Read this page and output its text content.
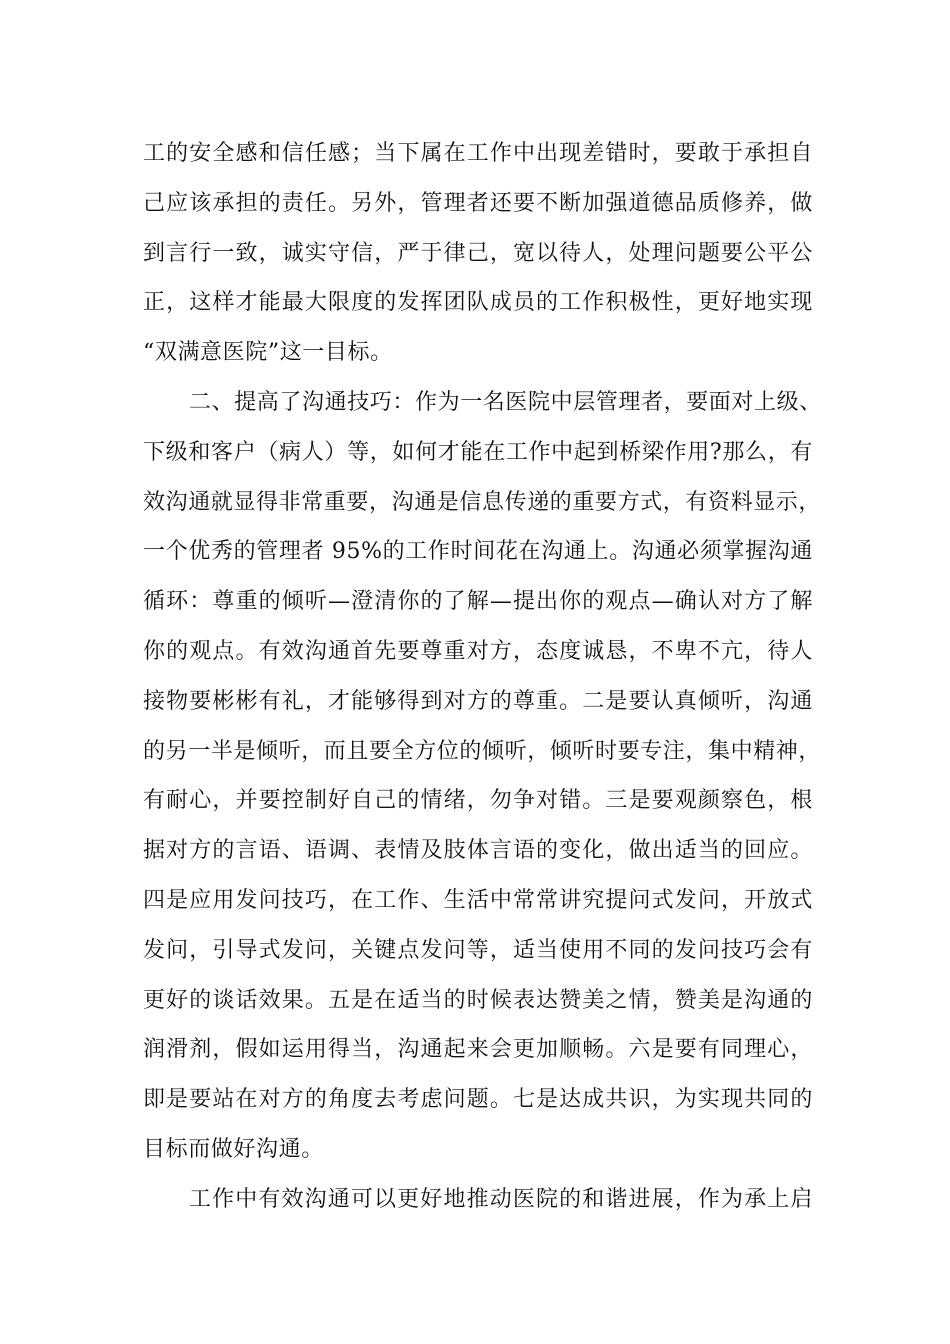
工的安全感和信任感；当下属在工作中出现差错时，要敢于承担自
己应该承担的责任。另外，管理者还要不断加强道德品质修养，做
到言行一致，诚实守信，严于律己，宽以待人，处理问题要公平公
正，这样才能最大限度的发挥团队成员的工作积极性，更好地实现
“双满意医院”这一目标。
二、提高了沟通技巧：作为一名医院中层管理者，要面对上级、
下级和客户（病人）等，如何才能在工作中起到桥梁作用?那么，有
效沟通就显得非常重要，沟通是信息传递的重要方式，有资料显示，
一个优秀的管理者 95%的工作时间花在沟通上。沟通必须掌握沟通
循环：尊重的倾听—澄清你的了解—提出你的观点—确认对方了解
你的观点。有效沟通首先要尊重对方，态度诚恳，不卑不亢，待人
接物要彬彬有礼，才能够得到对方的尊重。二是要认真倾听，沟通
的另一半是倾听，而且要全方位的倾听，倾听时要专注，集中精神，
有耐心，并要控制好自己的情绪，勿争对错。三是要观颜察色，根
据对方的言语、语调、表情及肢体言语的变化，做出适当的回应。
四是应用发问技巧，在工作、生活中常常讲究提问式发问，开放式
发问，引导式发问，关键点发问等，适当使用不同的发问技巧会有
更好的谈话效果。五是在适当的时候表达赞美之情，赞美是沟通的
润滑剂，假如运用得当，沟通起来会更加顺畅。六是要有同理心，
即是要站在对方的角度去考虑问题。七是达成共识，为实现共同的
目标而做好沟通。
工作中有效沟通可以更好地推动医院的和谐进展，作为承上启
